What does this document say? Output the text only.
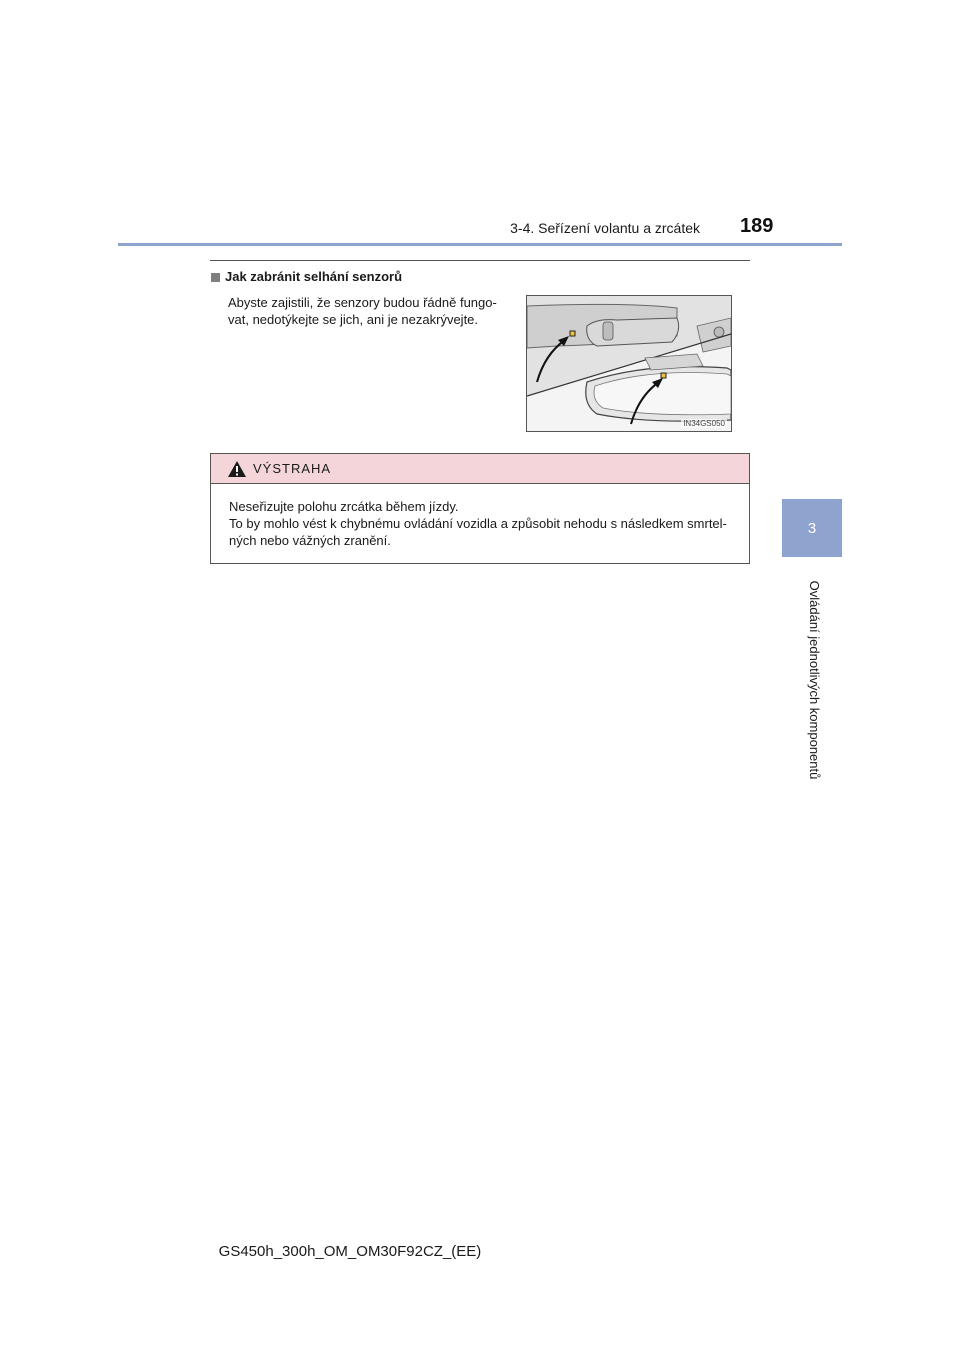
3-4. Seřízení volantu a zrcátek 189
3
Ovládání jednotlivých komponentů
Jak zabránit selhání senzorů

Abyste zajistili, že senzory budou řádně fungo-vat, nedotýkejte se jich, ani je nezakrývejte.

IN34GS050
VÝSTRAHA

Neseřizujte polohu zrcátka během jízdy.

To by mohlo vést k chybnému ovládání vozidla a způsobit nehodu s následkem smrtel-ných nebo vážných zranění.

GS450h_300h_OM_OM30F92CZ_(EE)
